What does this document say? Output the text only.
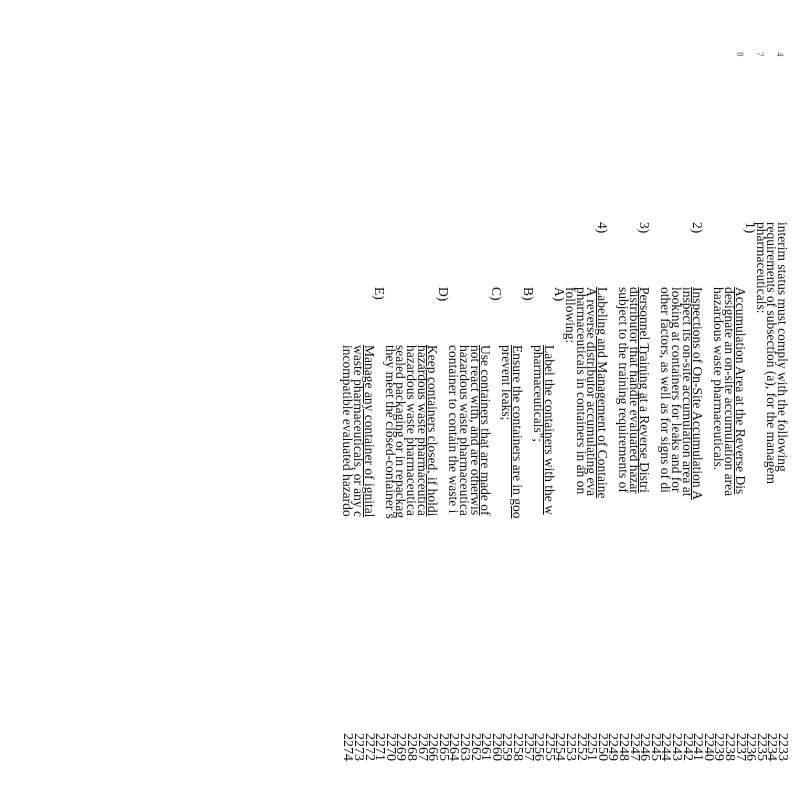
4
7
8
interim status must comply with the following
requirements of subsection (a), for the managem
pharmaceuticals:
1)
Accumulation Area at the Reverse Dis
designate an on-site accumulation area
hazardous waste pharmaceuticals.
2)
Inspections of On-Site Accumulation A
inspect its on-site accumulation area at
looking at containers for leaks and for
other factors, as well as for signs of di
3)
Personnel Training at a Reverse Distri
distributor that handle evaluated hazar
subject to the training requirements of
4)
Labeling and Management of Containe
A reverse distributor accumulating eva
pharmaceuticals in containers in an on
following:
A)
Label the containers with the w
pharmaceuticals";
B)
Ensure the containers are in goo
prevent leaks;
C)
Use containers that are made of
not react with, and are otherwis
hazardous waste pharmaceutica
container to contain the waste i
D)
Keep containers closed, if holdi
hazardous waste pharmaceutica
hazardous waste pharmaceutica
sealed packaging or in repackag
they meet the closed-container s
E)
Manage any container of ignital
waste pharmaceuticals, or any c
incompatible evaluated hazardo
2233
2234
2235
2236
2237
2238
2239
2240
2241
2242
2243
2244
2245
2246
2247
2248
2249
2250
2251
2252
2253
2254
2255
2256
2257
2258
2259
2260
2261
2262
2263
2264
2265
2266
2267
2268
2269
2270
2271
2272
2273
2274
